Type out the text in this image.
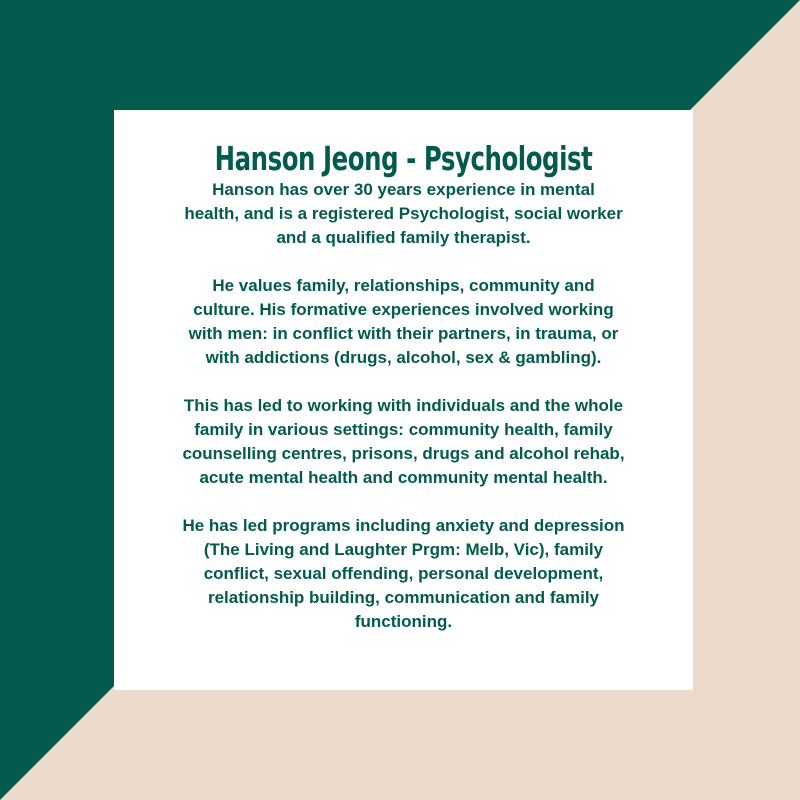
Hanson Jeong - Psychologist

Hanson has over 30 years experience in mental
health, and is a registered Psychologist, social worker
and a qualified family therapist.

He values family, relationships, community and
culture. His formative experiences involved working
with men: in conflict with their partners, in trauma, or
with addictions (drugs, alcohol, sex & gambling).

This has led to working with individuals and the whole
family in various settings: community health, family
counselling centres, prisons, drugs and alcohol rehab,
acute mental health and community mental health.

He has led programs including anxiety and depression
(The Living and Laughter Prgm: Melb, Vic), family
conflict, sexual offending, personal development,
relationship building, communication and family
functioning.
